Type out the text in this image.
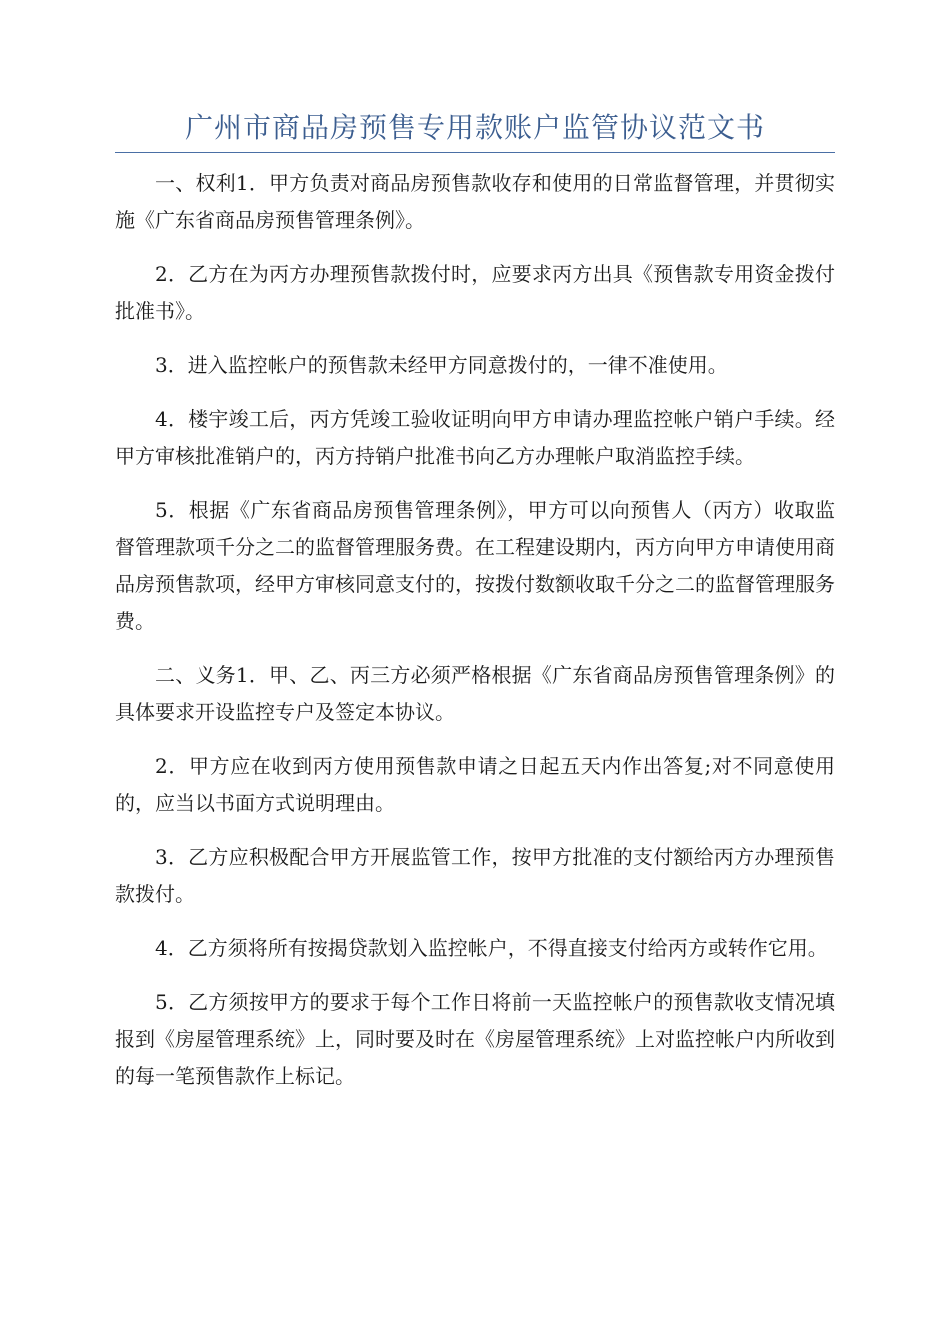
广州市商品房预售专用款账户监管协议范文书

一、权利1．甲方负责对商品房预售款收存和使用的日常监督管理，并贯彻实施《广东省商品房预售管理条例》。

2．乙方在为丙方办理预售款拨付时，应要求丙方出具《预售款专用资金拨付批准书》。

3．进入监控帐户的预售款未经甲方同意拨付的，一律不准使用。

4．楼宇竣工后，丙方凭竣工验收证明向甲方申请办理监控帐户销户手续。经甲方审核批准销户的，丙方持销户批准书向乙方办理帐户取消监控手续。

5．根据《广东省商品房预售管理条例》，甲方可以向预售人（丙方）收取监督管理款项千分之二的监督管理服务费。在工程建设期内，丙方向甲方申请使用商品房预售款项，经甲方审核同意支付的，按拨付数额收取千分之二的监督管理服务费。

二、义务1．甲、乙、丙三方必须严格根据《广东省商品房预售管理条例》的具体要求开设监控专户及签定本协议。

2．甲方应在收到丙方使用预售款申请之日起五天内作出答复;对不同意使用的，应当以书面方式说明理由。

3．乙方应积极配合甲方开展监管工作，按甲方批准的支付额给丙方办理预售款拨付。

4．乙方须将所有按揭贷款划入监控帐户，不得直接支付给丙方或转作它用。

5．乙方须按甲方的要求于每个工作日将前一天监控帐户的预售款收支情况填报到《房屋管理系统》上，同时要及时在《房屋管理系统》上对监控帐户内所收到的每一笔预售款作上标记。
